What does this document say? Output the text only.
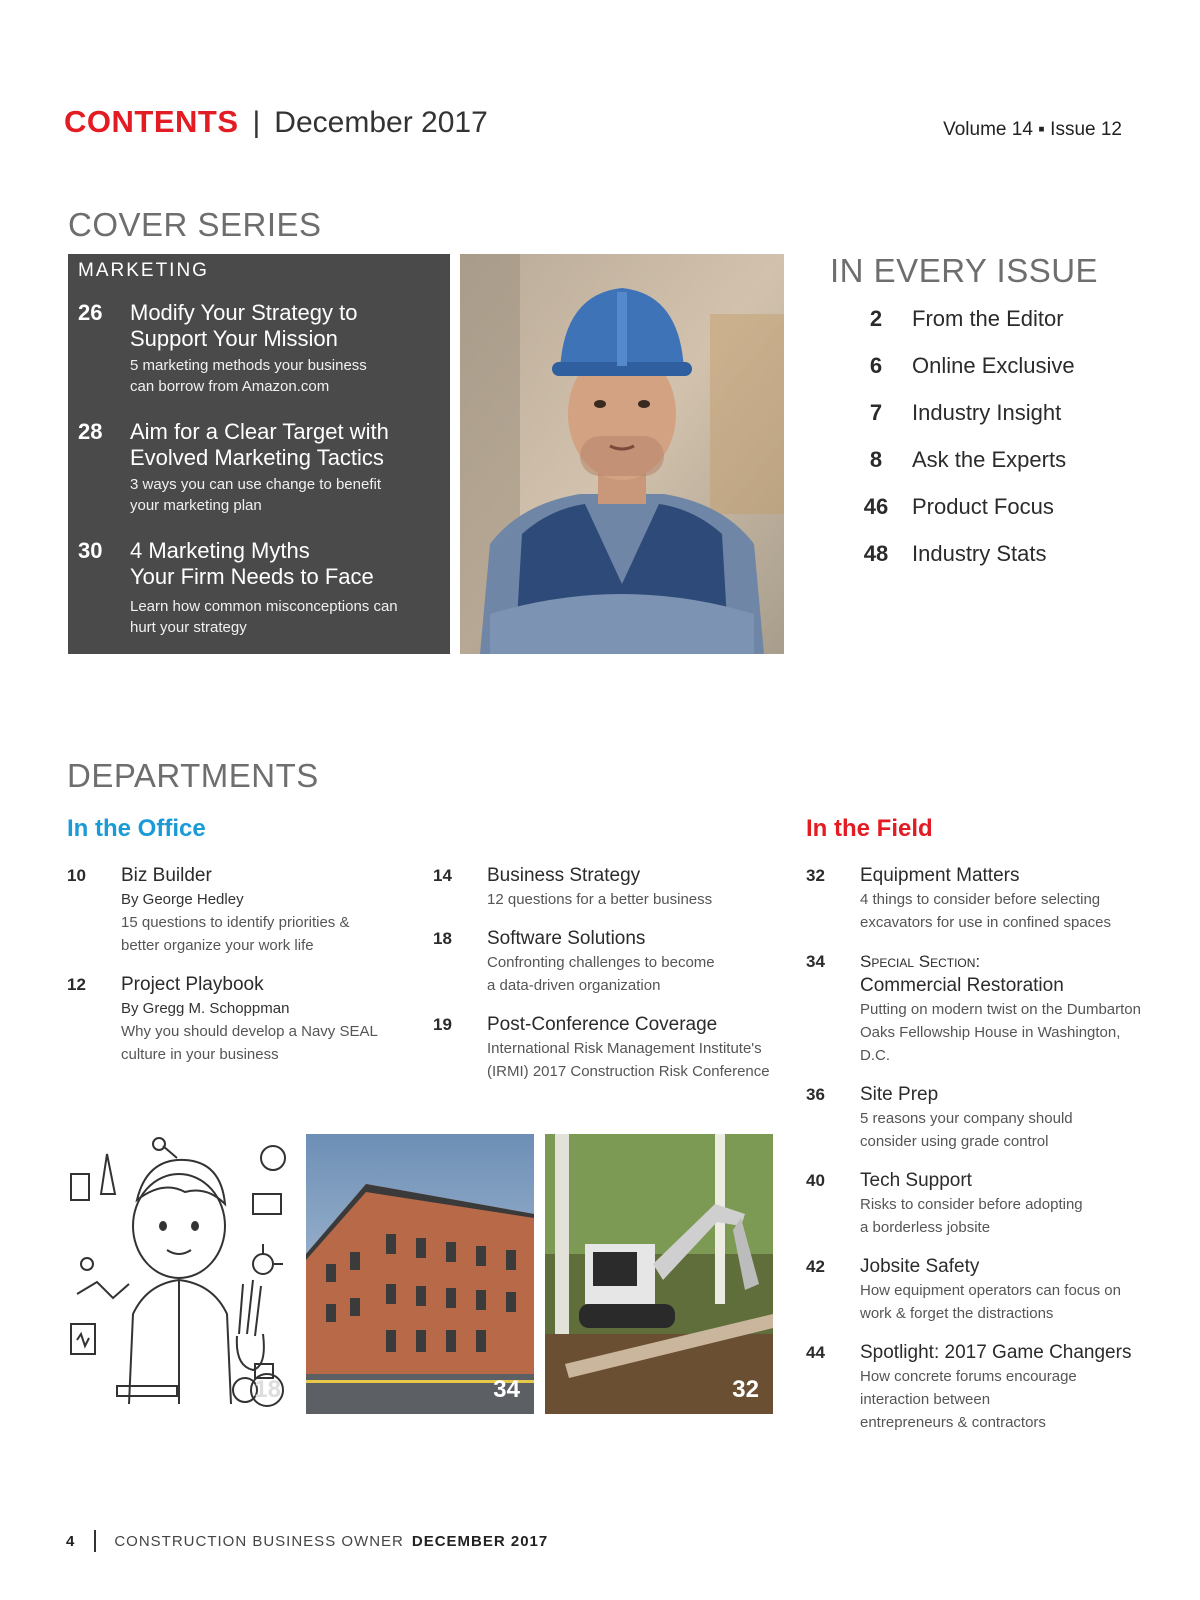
CONTENTS | December 2017	Volume 14 ▪ Issue 12
COVER SERIES
MARKETING
26	Modify Your Strategy to
Support Your Mission
5 marketing methods your business
can borrow from Amazon.com
28	Aim for a Clear Target with
Evolved Marketing Tactics
3 ways you can use change to benefit
your marketing plan
30	4 Marketing Myths
Your Firm Needs to Face
Learn how common misconceptions can
hurt your strategy
IN EVERY ISSUE
2	From the Editor
6	Online Exclusive
7	Industry Insight
8	Ask the Experts
46	Product Focus
48	Industry Stats
DEPARTMENTS
In the Office	In the Field
10	Biz Builder
By George Hedley
15 questions to identify priorities &
better organize your work life
12	Project Playbook
By Gregg M. Schoppman
Why you should develop a Navy SEAL
culture in your business
14	Business Strategy
12 questions for a better business
18	Software Solutions
Confronting challenges to become
a data-driven organization
19	Post-Conference Coverage
International Risk Management Institute's
(IRMI) 2017 Construction Risk Conference
32	Equipment Matters
4 things to consider before selecting
excavators for use in confined spaces
34	Special Section:
Commercial Restoration
Putting on modern twist on the Dumbarton
Oaks Fellowship House in Washington, D.C.
36	Site Prep
5 reasons your company should
consider using grade control
40	Tech Support
Risks to consider before adopting
a borderless jobsite
42	Jobsite Safety
How equipment operators can focus on
work & forget the distractions
44	Spotlight: 2017 Game Changers
How concrete forums encourage
interaction between
entrepreneurs & contractors
18	34	32
4	CONSTRUCTION BUSINESS OWNER DECEMBER 2017
